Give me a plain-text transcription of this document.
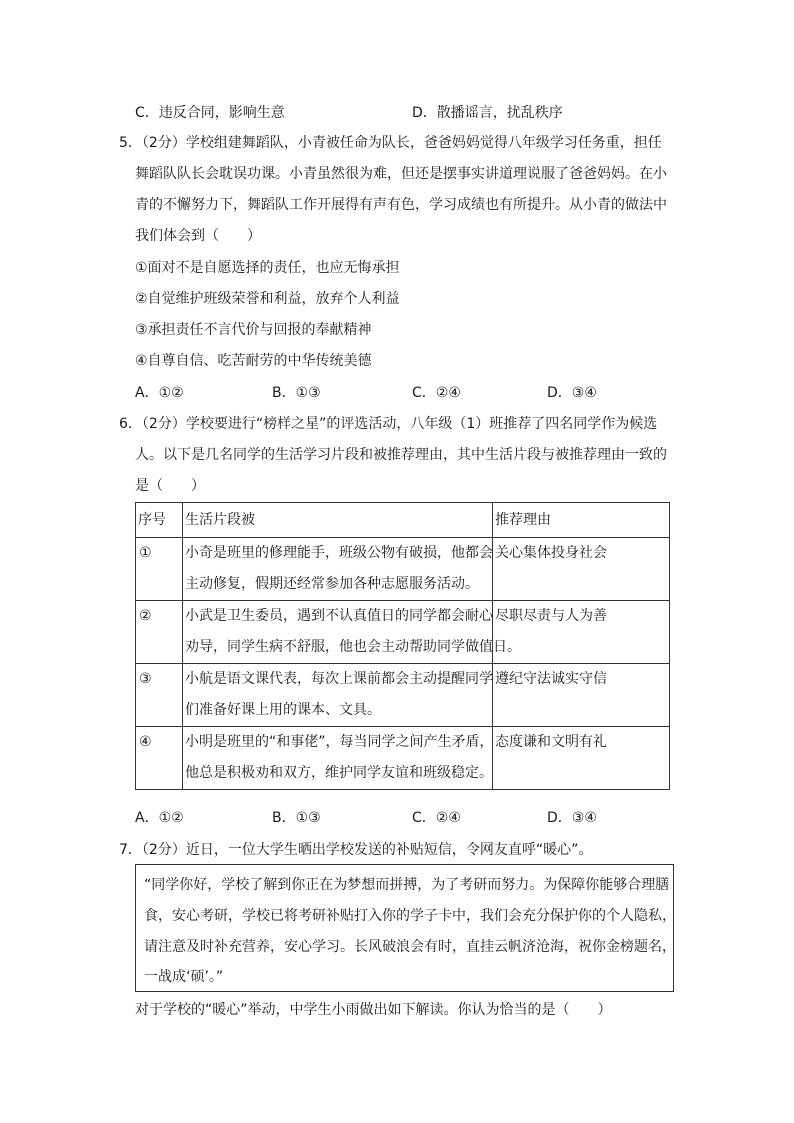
C．违反合同，影响生意	D．散播谣言，扰乱秩序
5．（2分）学校组建舞蹈队，小青被任命为队长，爸爸妈妈觉得八年级学习任务重，担任
舞蹈队队长会耽误功课。小青虽然很为难，但还是摆事实讲道理说服了爸爸妈妈。在小
青的不懈努力下，舞蹈队工作开展得有声有色，学习成绩也有所提升。从小青的做法中
我们体会到（　　）
①面对不是自愿选择的责任，也应无悔承担
②自觉维护班级荣誉和利益，放弃个人利益
③承担责任不言代价与回报的奉献精神
④自尊自信、吃苦耐劳的中华传统美德
A．①②	B．①③	C．②④	D．③④
6．（2分）学校要进行“榜样之星”的评选活动，八年级（1）班推荐了四名同学作为候选
人。以下是几名同学的生活学习片段和被推荐理由，其中生活片段与被推荐理由一致的
是（　　）
序号	生活片段被	推荐理由
①	小奇是班里的修理能手，班级公物有破损，他都会
主动修复，假期还经常参加各种志愿服务活动。	关心集体投身社会
②	小武是卫生委员，遇到不认真值日的同学都会耐心
劝导，同学生病不舒服，他也会主动帮助同学做值日。	尽职尽责与人为善
③	小航是语文课代表，每次上课前都会主动提醒同学
们准备好课上用的课本、文具。	遵纪守法诚实守信
④	小明是班里的“和事佬”，每当同学之间产生矛盾，
他总是积极劝和双方，维护同学友谊和班级稳定。	态度谦和文明有礼
A．①②	B．①③	C．②④	D．③④
7．（2分）近日，一位大学生晒出学校发送的补贴短信，令网友直呼“暖心”。
“同学你好，学校了解到你正在为梦想而拼搏，为了考研而努力。为保障你能够合理膳
食，安心考研，学校已将考研补贴打入你的学子卡中，我们会充分保护你的个人隐私，
请注意及时补充营养，安心学习。长风破浪会有时，直挂云帆济沧海，祝你金榜题名，
一战成‘硕’。”
对于学校的“暖心”举动，中学生小雨做出如下解读。你认为恰当的是（　　）
